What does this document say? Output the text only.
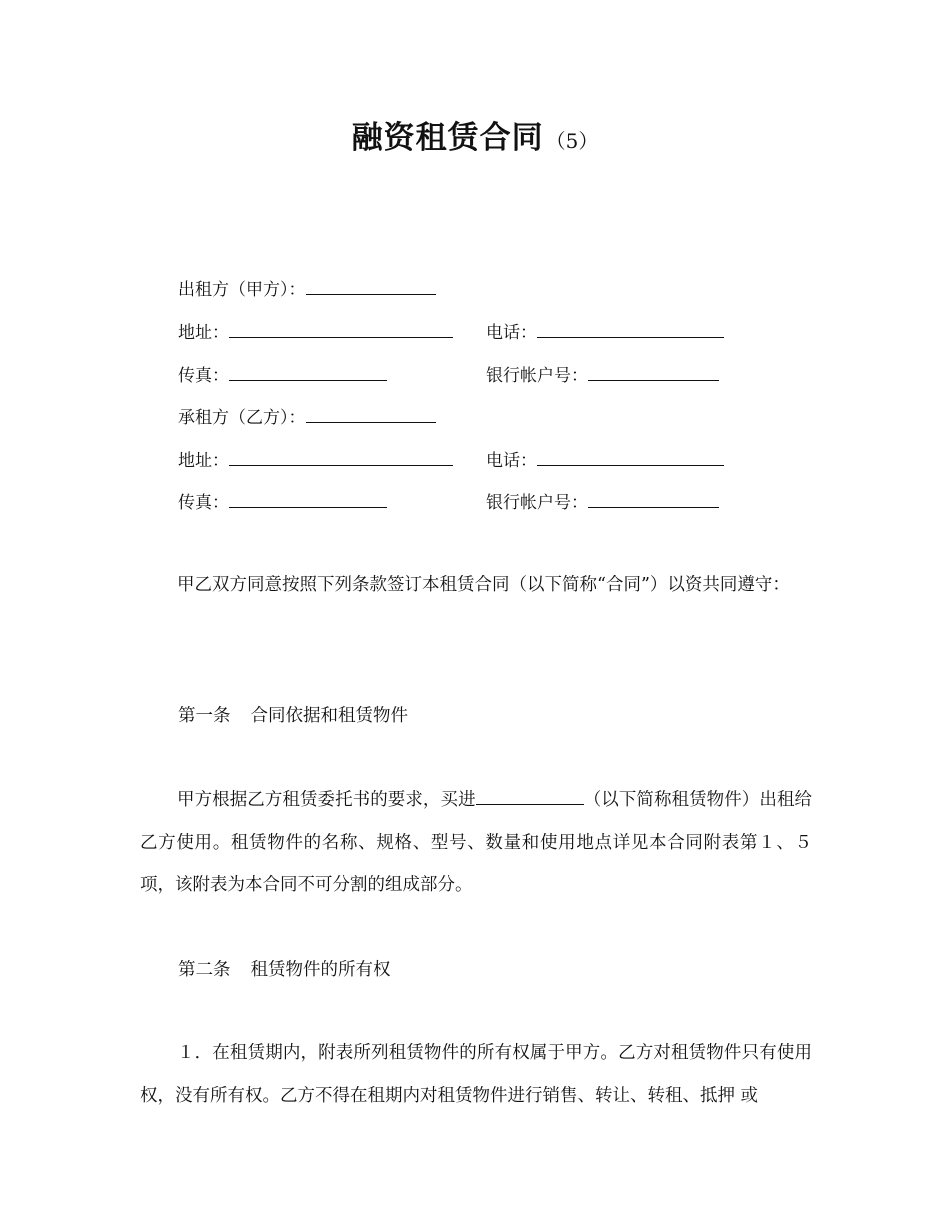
融资租赁合同 （5）
出租方（甲方）：
地址：	电话：
传真：	银行帐户号：
承租方（乙方）：
地址：	电话：
传真：	银行帐户号：
甲乙双方同意按照下列条款签订本租赁合同（以下简称“合同”）以资共同遵守：
第一条 合同依据和租赁物件
甲方根据乙方租赁委托书的要求，买进	（以下简称租赁物件）出租给 乙方使用。租赁物件的名称、规格、型号、数量和使用地点详见本合同附表第１、５项，该附表为本合同不可分割的组成部分。
第二条 租赁物件的所有权
１．在租赁期内，附表所列租赁物件的所有权属于甲方。乙方对租赁物件只有使用权，没有所有权。乙方不得在租期内对租赁物件进行销售、转让、转租、抵押 或
